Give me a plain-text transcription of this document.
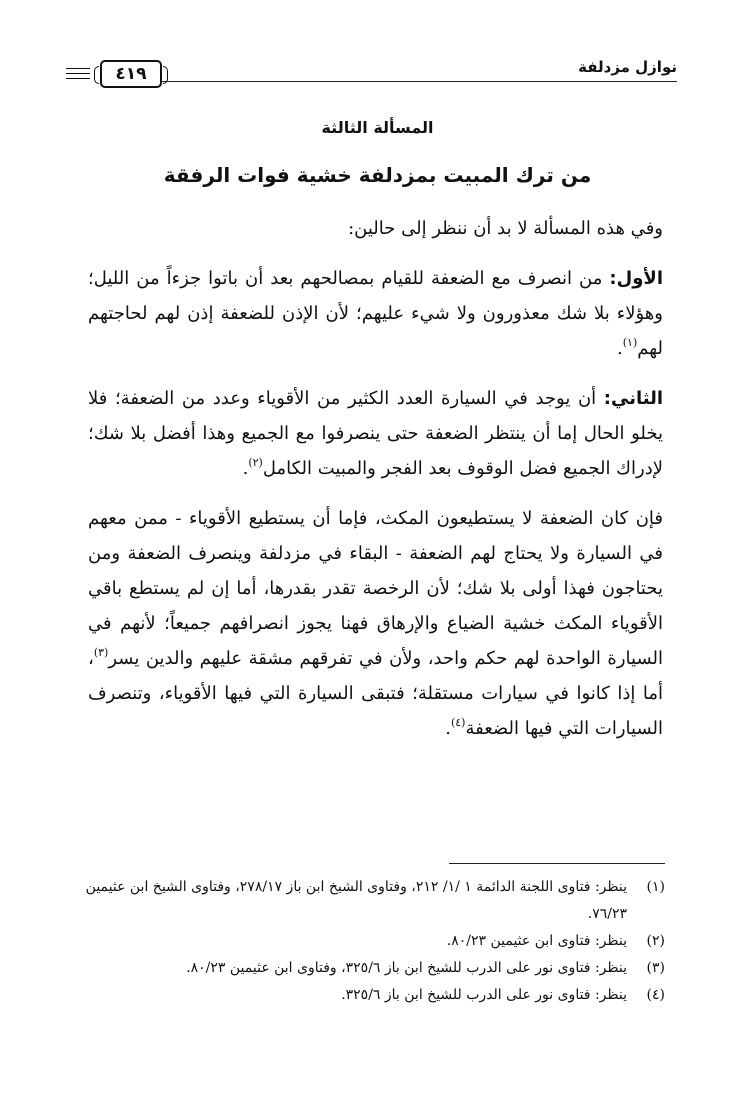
نوازل مزدلفة
٤١٩
المسألة الثالثة
من ترك المبيت بمزدلفة خشية فوات الرفقة

وفي هذه المسألة لا بد أن ننظر إلى حالين:

الأول: من انصرف مع الضعفة للقيام بمصالحهم بعد أن باتوا جزءاً من الليل؛ وهؤلاء بلا شك معذورون ولا شيء عليهم؛ لأن الإذن للضعفة إذن لهم لحاجتهم لهم$^{(١)}$.

الثاني: أن يوجد في السيارة العدد الكثير من الأقوياء وعدد من الضعفة؛ فلا يخلو الحال إما أن ينتظر الضعفة حتى ينصرفوا مع الجميع وهذا أفضل بلا شك؛ لإدراك الجميع فضل الوقوف بعد الفجر والمبيت الكامل$^{(٢)}$.

فإن كان الضعفة لا يستطيعون المكث، فإما أن يستطيع الأقوياء - ممن معهم في السيارة ولا يحتاج لهم الضعفة - البقاء في مزدلفة وينصرف الضعفة ومن يحتاجون فهذا أولى بلا شك؛ لأن الرخصة تقدر بقدرها، أما إن لم يستطع باقي الأقوياء المكث خشية الضياع والإرهاق فهنا يجوز انصرافهم جميعاً؛ لأنهم في السيارة الواحدة لهم حكم واحد، ولأن في تفرقهم مشقة عليهم والدين يسر$^{(٣)}$، أما إذا كانوا في سيارات مستقلة؛ فتبقى السيارة التي فيها الأقوياء، وتنصرف السيارات التي فيها الضعفة$^{(٤)}$.

(١)
ينظر: فتاوى اللجنة الدائمة ١ /١/ ٢١٢، وفتاوى الشيخ ابن باز ٢٧٨/١٧، وفتاوى الشيخ ابن عثيمين ٧٦/٢٣.
(٢)
ينظر: فتاوى ابن عثيمين ٨٠/٢٣.
(٣)
ينظر: فتاوى نور على الدرب للشيخ ابن باز ٣٢٥/٦، وفتاوى ابن عثيمين ٨٠/٢٣.
(٤)
ينظر: فتاوى نور على الدرب للشيخ ابن باز ٣٢٥/٦.
